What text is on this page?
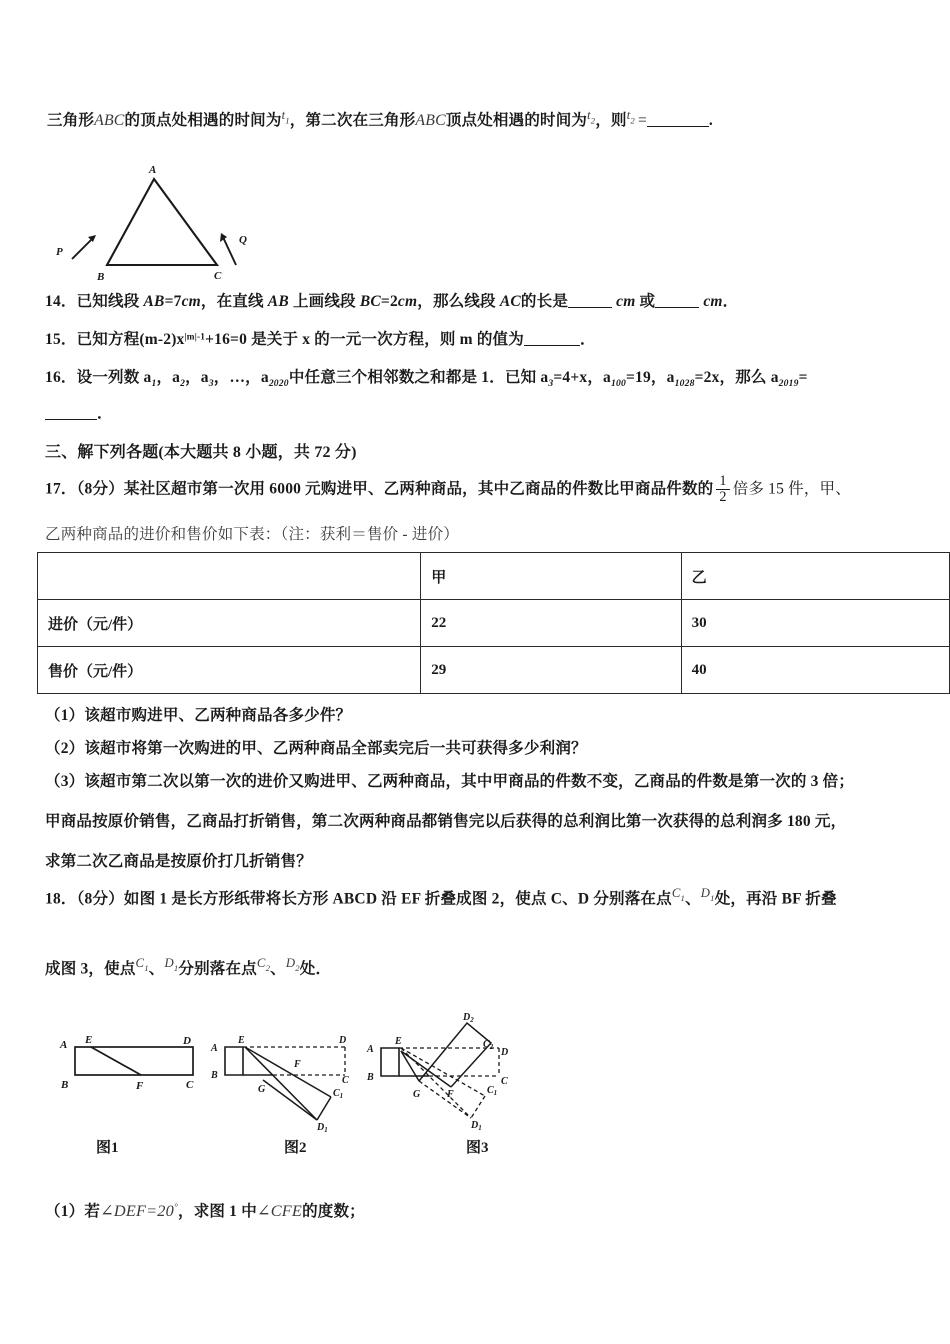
三角形ABC的顶点处相遇的时间为$^t$1，第二次在三角形ABC顶点处相遇的时间为$^t$2，则$^t$2 =	.
A
B	C
P
Q
14．已知线段 AB=7cm，在直线 AB 上画线段 BC=2cm，那么线段 AC的长是	cm 或	cm．
15．已知方程$(m-2)x^{|m|-1}+16=0$ 是关于 x 的一元一次方程，则 m 的值为	．
16．设一列数 $a_1$，$a_2$，$a_3$，…，$a_{2020}$中任意三个相邻数之和都是 1．已知 $a_3=4+x$，$a_{100}=19$，$a_{1028}=2x$，那么 $a_{2019}=$
．
三、解下列各题(本大题共 8 小题，共 72 分)
17．（8分）某社区超市第一次用 6000 元购进甲、乙两种商品，其中乙商品的件数比甲商品件数的 $\frac{1}{2}$ 倍多 15 件，甲、
乙两种商品的进价和售价如下表：（注：获利＝售价 - 进价）
	甲	乙
进价（元/件）	22	30
售价（元/件）	29	40
（1）该超市购进甲、乙两种商品各多少件？
（2）该超市将第一次购进的甲、乙两种商品全部卖完后一共可获得多少利润？
（3）该超市第二次以第一次的进价又购进甲、乙两种商品，其中甲商品的件数不变，乙商品的件数是第一次的 3 倍；
甲商品按原价销售，乙商品打折销售，第二次两种商品都销售完以后获得的总利润比第一次获得的总利润多 180 元，
求第二次乙商品是按原价打几折销售？
18．（8分）如图 1 是长方形纸带将长方形 ABCD 沿 EF 折叠成图 2，使点 C、D 分别落在点$^C$1、$^D$1处，再沿 BF 折叠
成图 3，使点$^C$1、$^D$1分别落在点$^C$2、$^D$2处．
A
B	C
D
E
F
图1
A
B	C
D
E
F
G	$C_1$
$D_1$
图2
A
B	C
D
E
F
G	$C_1$
$D_1$
$C_2$
$D_2$
图3
（1）若∠DEF=20°，求图 1 中∠CFE的度数；
